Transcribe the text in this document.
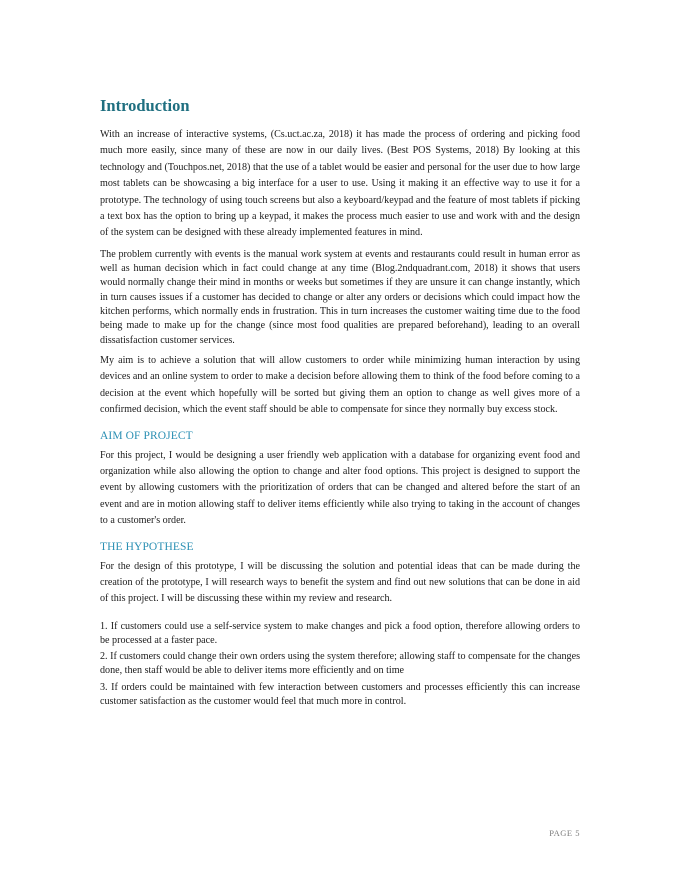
Introduction

With an increase of interactive systems, (Cs.uct.ac.za, 2018) it has made the process of ordering and picking food much more easily, since many of these are now in our daily lives. (Best POS Systems, 2018) By looking at this technology and (Touchpos.net, 2018) that the use of a tablet would be easier and personal for the user due to how large most tablets can be showcasing a big interface for a user to use. Using it making it an effective way to use it for a prototype. The technology of using touch screens but also a keyboard/keypad and the feature of most tablets if picking a text box has the option to bring up a keypad, it makes the process much easier to use and work with and the design of the system can be designed with these already implemented features in mind.

The problem currently with events is the manual work system at events and restaurants could result in human error as well as human decision which in fact could change at any time (Blog.2ndquadrant.com, 2018) it shows that users would normally change their mind in months or weeks but sometimes if they are unsure it can change instantly, which in turn causes issues if a customer has decided to change or alter any orders or decisions which could impact how the kitchen performs, which normally ends in frustration. This in turn increases the customer waiting time due to the food being made to make up for the change (since most food qualities are prepared beforehand), leading to an overall dissatisfaction customer services.

My aim is to achieve a solution that will allow customers to order while minimizing human interaction by using devices and an online system to order to make a decision before allowing them to think of the food before coming to a decision at the event which hopefully will be sorted but giving them an option to change as well gives more of a confirmed decision, which the event staff should be able to compensate for since they normally buy excess stock.

AIM OF PROJECT

For this project, I would be designing a user friendly web application with a database for organizing event food and organization while also allowing the option to change and alter food options. This project is designed to support the event by allowing customers with the prioritization of orders that can be changed and altered before the start of an event and are in motion allowing staff to deliver items efficiently while also trying to taking in the account of changes to a customer's order.

THE HYPOTHESE

For the design of this prototype, I will be discussing the solution and potential ideas that can be made during the creation of the prototype, I will research ways to benefit the system and find out new solutions that can be done in aid of this project. I will be discussing these within my review and research.

1. If customers could use a self-service system to make changes and pick a food option, therefore allowing orders to be processed at a faster pace.

2. If customers could change their own orders using the system therefore; allowing staff to compensate for the changes done, then staff would be able to deliver items more efficiently and on time

3. If orders could be maintained with few interaction between customers and processes efficiently this can increase customer satisfaction as the customer would feel that much more in control.

PAGE 5
